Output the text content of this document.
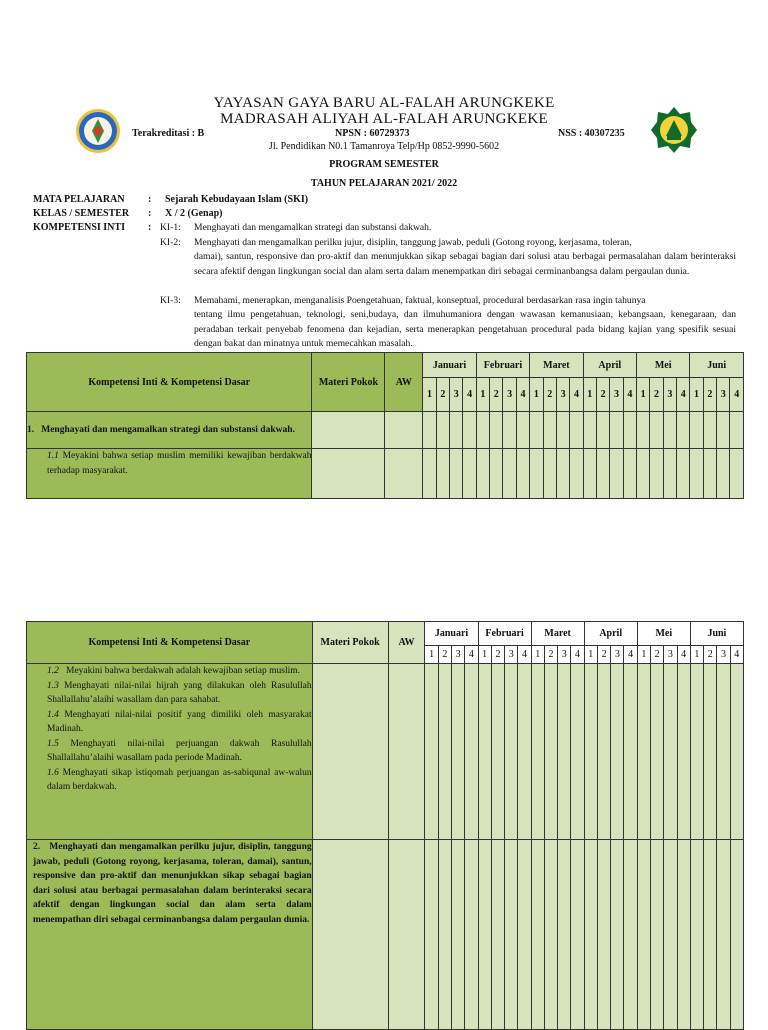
YAYASAN GAYA BARU AL-FALAH ARUNGKEKE
MADRASAH ALIYAH AL-FALAH ARUNGKEKE
Terakreditasi : B	NPSN : 60729373	NSS : 40307235
Jl. Pendidikan N0.1 Tamanroya Telp/Hp 0852-9990-5602
PROGRAM SEMESTER
TAHUN PELAJARAN 2021/ 2022
MATA PELAJARAN : Sejarah Kebudayaan Islam (SKI)
KELAS / SEMESTER : X / 2 (Genap)
KOMPETENSI INTI : KI-1: Menghayati dan mengamalkan strategi dan substansi dakwah.
KI-2: Menghayati dan mengamalkan perilku jujur, disiplin, tanggung jawab, peduli (Gotong royong, kerjasama, toleran,
damai), santun, responsive dan pro-aktif dan menunjukkan sikap sebagai bagian dari solusi atau berbagai permasalahan dalam berinteraksi secara afektif dengan lingkungan social dan alam serta dalam menempatkan diri sebagai cerminanbangsa dalam pergaulan dunia.
KI-3: Memahami, menerapkan, menganalisis Poengetahuan, faktual, konseptual, procedural berdasarkan rasa ingin tahunya
tentang ilmu pengetahuan, teknologi, seni,budaya, dan ilmuhumaniora dengan wawasan kemanusiaan, kebangsaan, kenegaraan, dan peradaban terkait penyebab fenomena dan kejadian, serta menerapkan pengetahuan procedural pada bidang kajian yang spesifik sesuai dengan bakat dan minatnya untuk memecahkan masalah.
Kompetensi Inti & Kompetensi Dasar	Materi Pokok	AW	Januari				Februari				Maret				April				Mei				Juni			
			1	2	3	4	1	2	3	4	1	2	3	4	1	2	3	4	1	2	3	4	1	2	3	4
1. Menghayati dan mengamalkan strategi dan substansi dakwah.																										
1.1 Meyakini bahwa setiap muslim memiliki kewajiban berdakwah terhadap masyarakat.																										
Kompetensi Inti & Kompetensi Dasar	Materi Pokok	AW	Januari				Februari				Maret				April				Mei				Juni			
			1	2	3	4	1	2	3	4	1	2	3	4	1	2	3	4	1	2	3	4	1	2	3	4

1.2 Meyakini bahwa berdakwah adalah kewajiban setiap muslim.
1.3 Menghayati nilai-nilai hijrah yang dilakukan oleh Rasulullah Shallallahu’alaihi wasallam dan para sahabat.
1.4 Menghayati nilai-nilai positif yang dimiliki oleh masyarakat Madinah.
1.5 Menghayati nilai-nilai perjuangan dakwah Rasulullah Shallallahu’alaihi wasallam pada periode Madinah.
1.6 Menghayati sikap istiqomah perjuangan as-sabiqunal aw-walun dalam berdakwah.																										

2. Menghayati dan mengamalkan perilku jujur, disiplin, tanggung jawab, peduli (Gotong royong, kerjasama, toleran, damai), santun, responsive dan pro-aktif dan menunjukkan sikap sebagai bagian dari solusi atau berbagai permasalahan dalam berinteraksi secara afektif dengan lingkungan social dan alam serta dalam menempathan diri sebagai cerminanbangsa dalam pergaulan dunia.																										
